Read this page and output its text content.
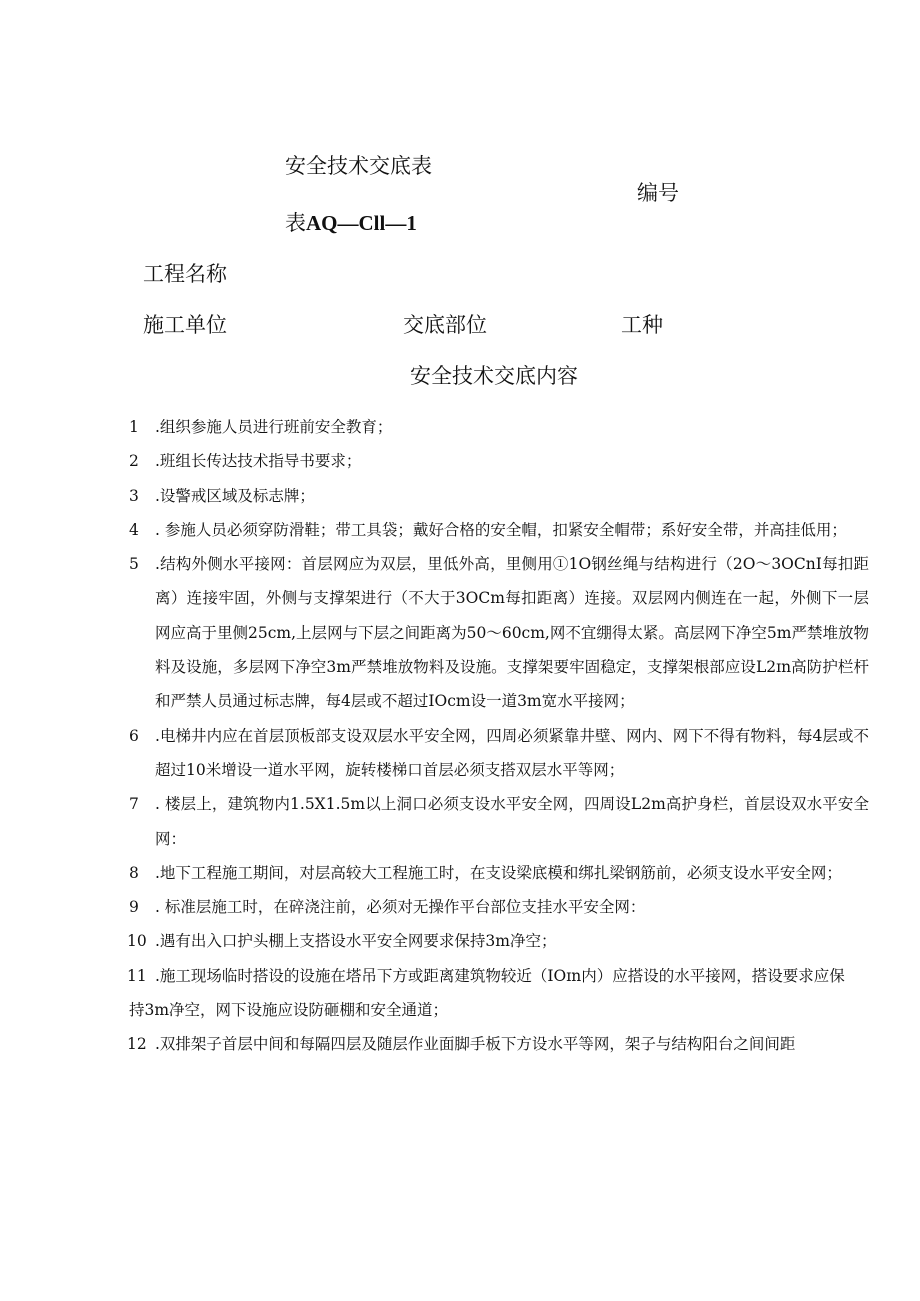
安全技术交底表
编号
表AQ—Cll—1
工程名称
施工单位	交底部位	工种
安全技术交底内容
1 .组织参施人员进行班前安全教育；
2 .班组长传达技术指导书要求；
3 .设警戒区域及标志牌；
4 . 参施人员必须穿防滑鞋；带工具袋；戴好合格的安全帽，扣紧安全帽带；系好安全带，并高挂低用；
5 .结构外侧水平接网：首层网应为双层，里低外高，里侧用①1O钢丝绳与结构进行（2O～3OCnI每扣距离）连接牢固，外侧与支撑架进行（不大于3OCm每扣距离）连接。双层网内侧连在一起，外侧下一层网应高于里侧25cm,上层网与下层之间距离为50～60cm,网不宜绷得太紧。高层网下净空5m严禁堆放物料及设施，多层网下净空3m严禁堆放物料及设施。支撑架要牢固稳定，支撑架根部应设L2ɪn高防护栏杆和严禁人员通过标志牌，每4层或不超过IOcm设一道3m宽水平接网；
6 .电梯井内应在首层顶板部支设双层水平安全网，四周必须紧靠井壁、网内、网下不得有物料，每4层或不超过10米增设一道水平网，旋转楼梯口首层必须支搭双层水平等网；
7 . 楼层上，建筑物内1.5X1.5m以上洞口必须支设水平安全网，四周设L2m高护身栏，首层设双水平安全网：
8 .地下工程施工期间，对层高较大工程施工时，在支设梁底模和绑扎梁钢筋前，必须支设水平安全网；
9 . 标准层施工时，在碎浇注前，必须对无操作平台部位支挂水平安全网：
10 .遇有出入口护头棚上支搭设水平安全网要求保持3m净空；
11 .施工现场临时搭设的设施在塔吊下方或距离建筑物较近（IOɪn内）应搭设的水平接网，搭设要求应保
持3m净空，网下设施应设防砸棚和安全通道；
12 .双排架子首层中间和每隔四层及随层作业面脚手板下方设水平等网，架子与结构阳台之间间距
